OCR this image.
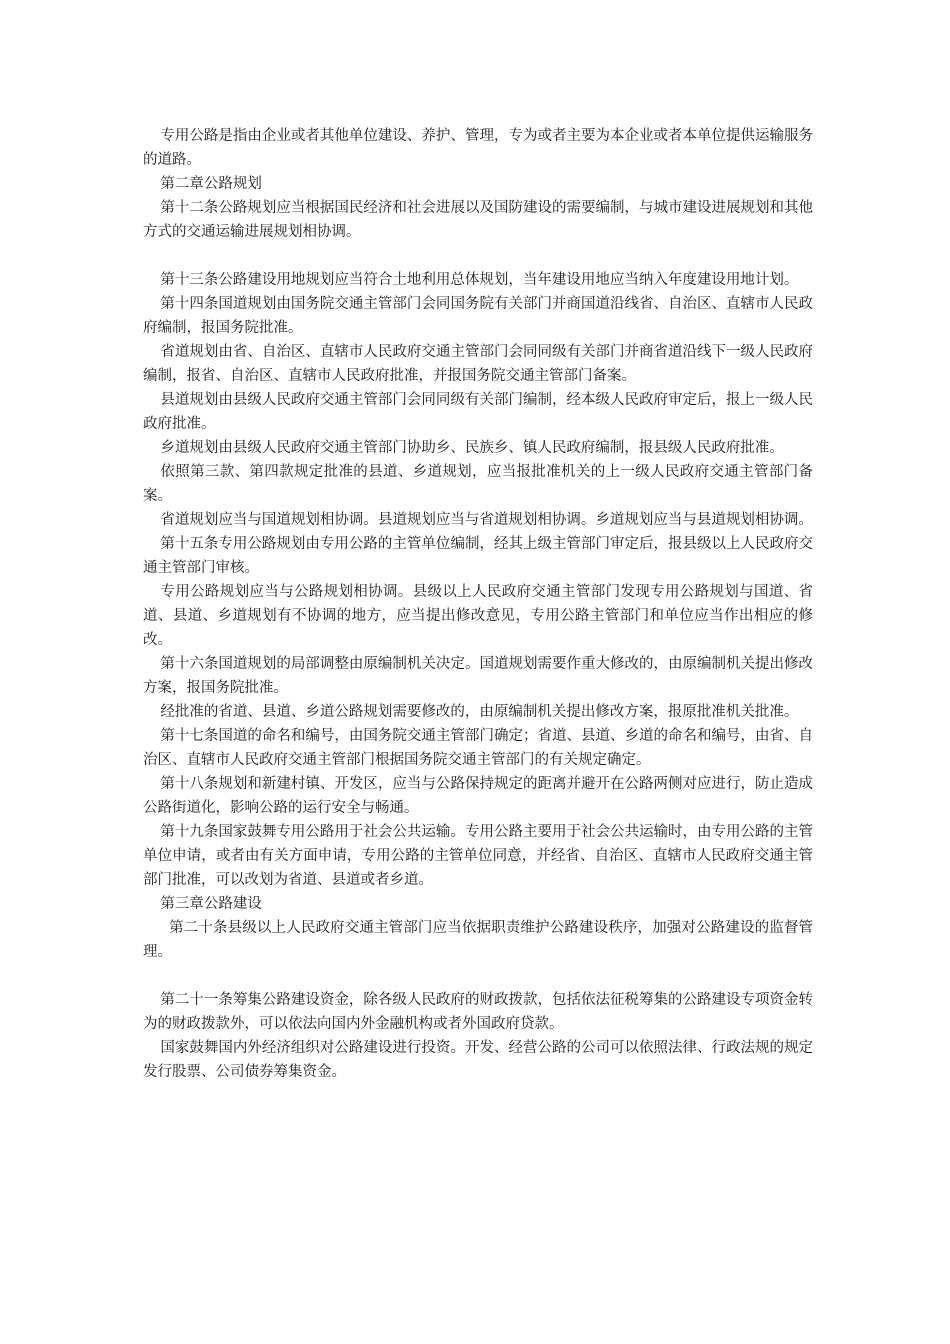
专用公路是指由企业或者其他单位建设、养护、管理，专为或者主要为本企业或者本单位提供运输服务的道路。

第二章公路规划

第十二条公路规划应当根据国民经济和社会进展以及国防建设的需要编制，与城市建设进展规划和其他方式的交通运输进展规划相协调。

第十三条公路建设用地规划应当符合土地利用总体规划，当年建设用地应当纳入年度建设用地计划。

第十四条国道规划由国务院交通主管部门会同国务院有关部门并商国道沿线省、自治区、直辖市人民政府编制，报国务院批准。

省道规划由省、自治区、直辖市人民政府交通主管部门会同同级有关部门并商省道沿线下一级人民政府编制，报省、自治区、直辖市人民政府批准，并报国务院交通主管部门备案。

县道规划由县级人民政府交通主管部门会同同级有关部门编制，经本级人民政府审定后，报上一级人民政府批准。

乡道规划由县级人民政府交通主管部门协助乡、民族乡、镇人民政府编制，报县级人民政府批准。

依照第三款、第四款规定批准的县道、乡道规划，应当报批准机关的上一级人民政府交通主管部门备案。

省道规划应当与国道规划相协调。县道规划应当与省道规划相协调。乡道规划应当与县道规划相协调。

第十五条专用公路规划由专用公路的主管单位编制，经其上级主管部门审定后，报县级以上人民政府交通主管部门审核。

专用公路规划应当与公路规划相协调。县级以上人民政府交通主管部门发现专用公路规划与国道、省道、县道、乡道规划有不协调的地方，应当提出修改意见，专用公路主管部门和单位应当作出相应的修改。

第十六条国道规划的局部调整由原编制机关决定。国道规划需要作重大修改的，由原编制机关提出修改方案，报国务院批准。

经批准的省道、县道、乡道公路规划需要修改的，由原编制机关提出修改方案，报原批准机关批准。

第十七条国道的命名和编号，由国务院交通主管部门确定；省道、县道、乡道的命名和编号，由省、自治区、直辖市人民政府交通主管部门根据国务院交通主管部门的有关规定确定。

第十八条规划和新建村镇、开发区，应当与公路保持规定的距离并避开在公路两侧对应进行，防止造成公路街道化，影响公路的运行安全与畅通。

第十九条国家鼓舞专用公路用于社会公共运输。专用公路主要用于社会公共运输时，由专用公路的主管单位申请，或者由有关方面申请，专用公路的主管单位同意，并经省、自治区、直辖市人民政府交通主管部门批准，可以改划为省道、县道或者乡道。

第三章公路建设

第二十条县级以上人民政府交通主管部门应当依据职责维护公路建设秩序，加强对公路建设的监督管理。

第二十一条筹集公路建设资金，除各级人民政府的财政拨款，包括依法征税筹集的公路建设专项资金转为的财政拨款外，可以依法向国内外金融机构或者外国政府贷款。

国家鼓舞国内外经济组织对公路建设进行投资。开发、经营公路的公司可以依照法律、行政法规的规定发行股票、公司债券筹集资金。
